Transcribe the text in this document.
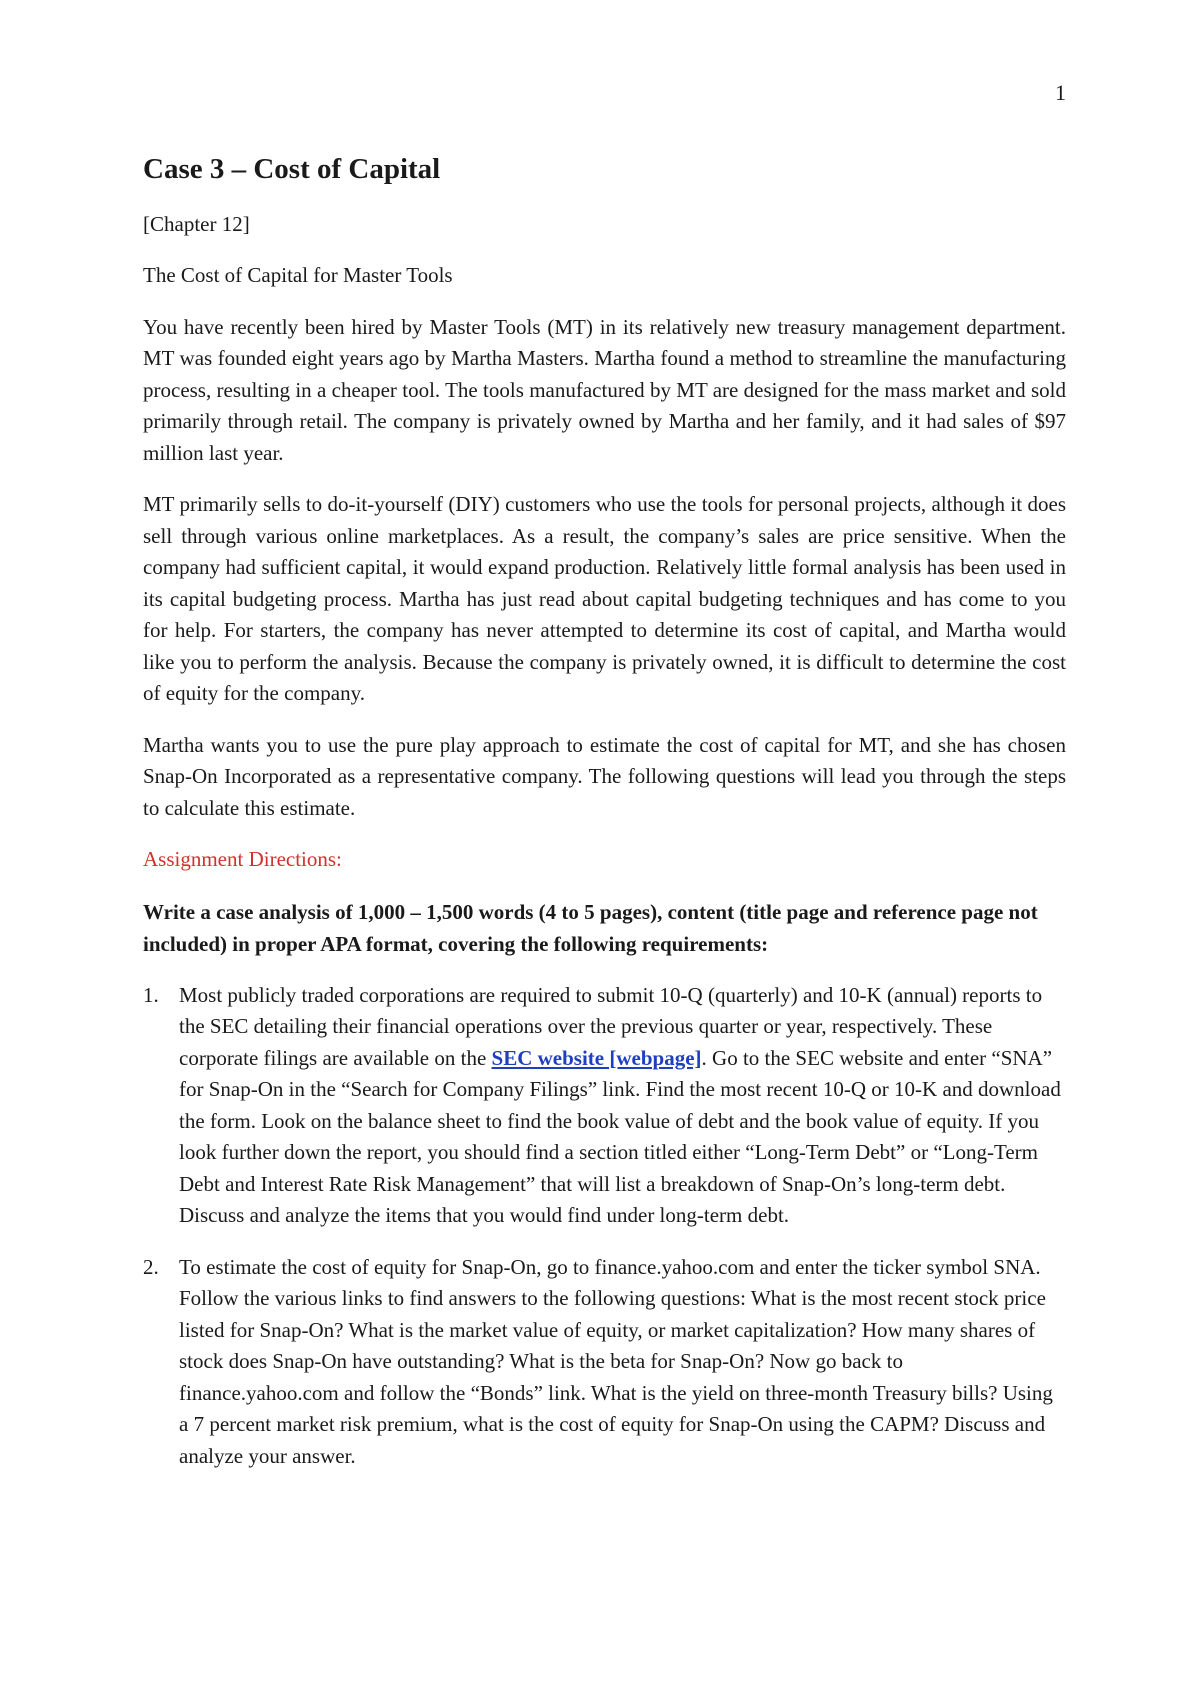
1
Case 3 – Cost of Capital

[Chapter 12]

The Cost of Capital for Master Tools

You have recently been hired by Master Tools (MT) in its relatively new treasury management department. MT was founded eight years ago by Martha Masters. Martha found a method to streamline the manufacturing process, resulting in a cheaper tool. The tools manufactured by MT are designed for the mass market and sold primarily through retail. The company is privately owned by Martha and her family, and it had sales of $97 million last year.

MT primarily sells to do-it-yourself (DIY) customers who use the tools for personal projects, although it does sell through various online marketplaces. As a result, the company’s sales are price sensitive. When the company had sufficient capital, it would expand production. Relatively little formal analysis has been used in its capital budgeting process. Martha has just read about capital budgeting techniques and has come to you for help. For starters, the company has never attempted to determine its cost of capital, and Martha would like you to perform the analysis. Because the company is privately owned, it is difficult to determine the cost of equity for the company.

Martha wants you to use the pure play approach to estimate the cost of capital for MT, and she has chosen Snap-On Incorporated as a representative company. The following questions will lead you through the steps to calculate this estimate.

Assignment Directions:

Write a case analysis of 1,000 – 1,500 words (4 to 5 pages), content (title page and reference page not included) in proper APA format, covering the following requirements:

1. Most publicly traded corporations are required to submit 10-Q (quarterly) and 10-K (annual) reports to the SEC detailing their financial operations over the previous quarter or year, respectively. These corporate filings are available on the SEC website [webpage]. Go to the SEC website and enter “SNA” for Snap-On in the “Search for Company Filings” link. Find the most recent 10-Q or 10-K and download the form. Look on the balance sheet to find the book value of debt and the book value of equity. If you look further down the report, you should find a section titled either “Long-Term Debt” or “Long-Term Debt and Interest Rate Risk Management” that will list a breakdown of Snap-On’s long-term debt. Discuss and analyze the items that you would find under long-term debt.
2. To estimate the cost of equity for Snap-On, go to finance.yahoo.com and enter the ticker symbol SNA. Follow the various links to find answers to the following questions: What is the most recent stock price listed for Snap-On? What is the market value of equity, or market capitalization? How many shares of stock does Snap-On have outstanding? What is the beta for Snap-On? Now go back to finance.yahoo.com and follow the “Bonds” link. What is the yield on three-month Treasury bills? Using a 7 percent market risk premium, what is the cost of equity for Snap-On using the CAPM? Discuss and analyze your answer.
